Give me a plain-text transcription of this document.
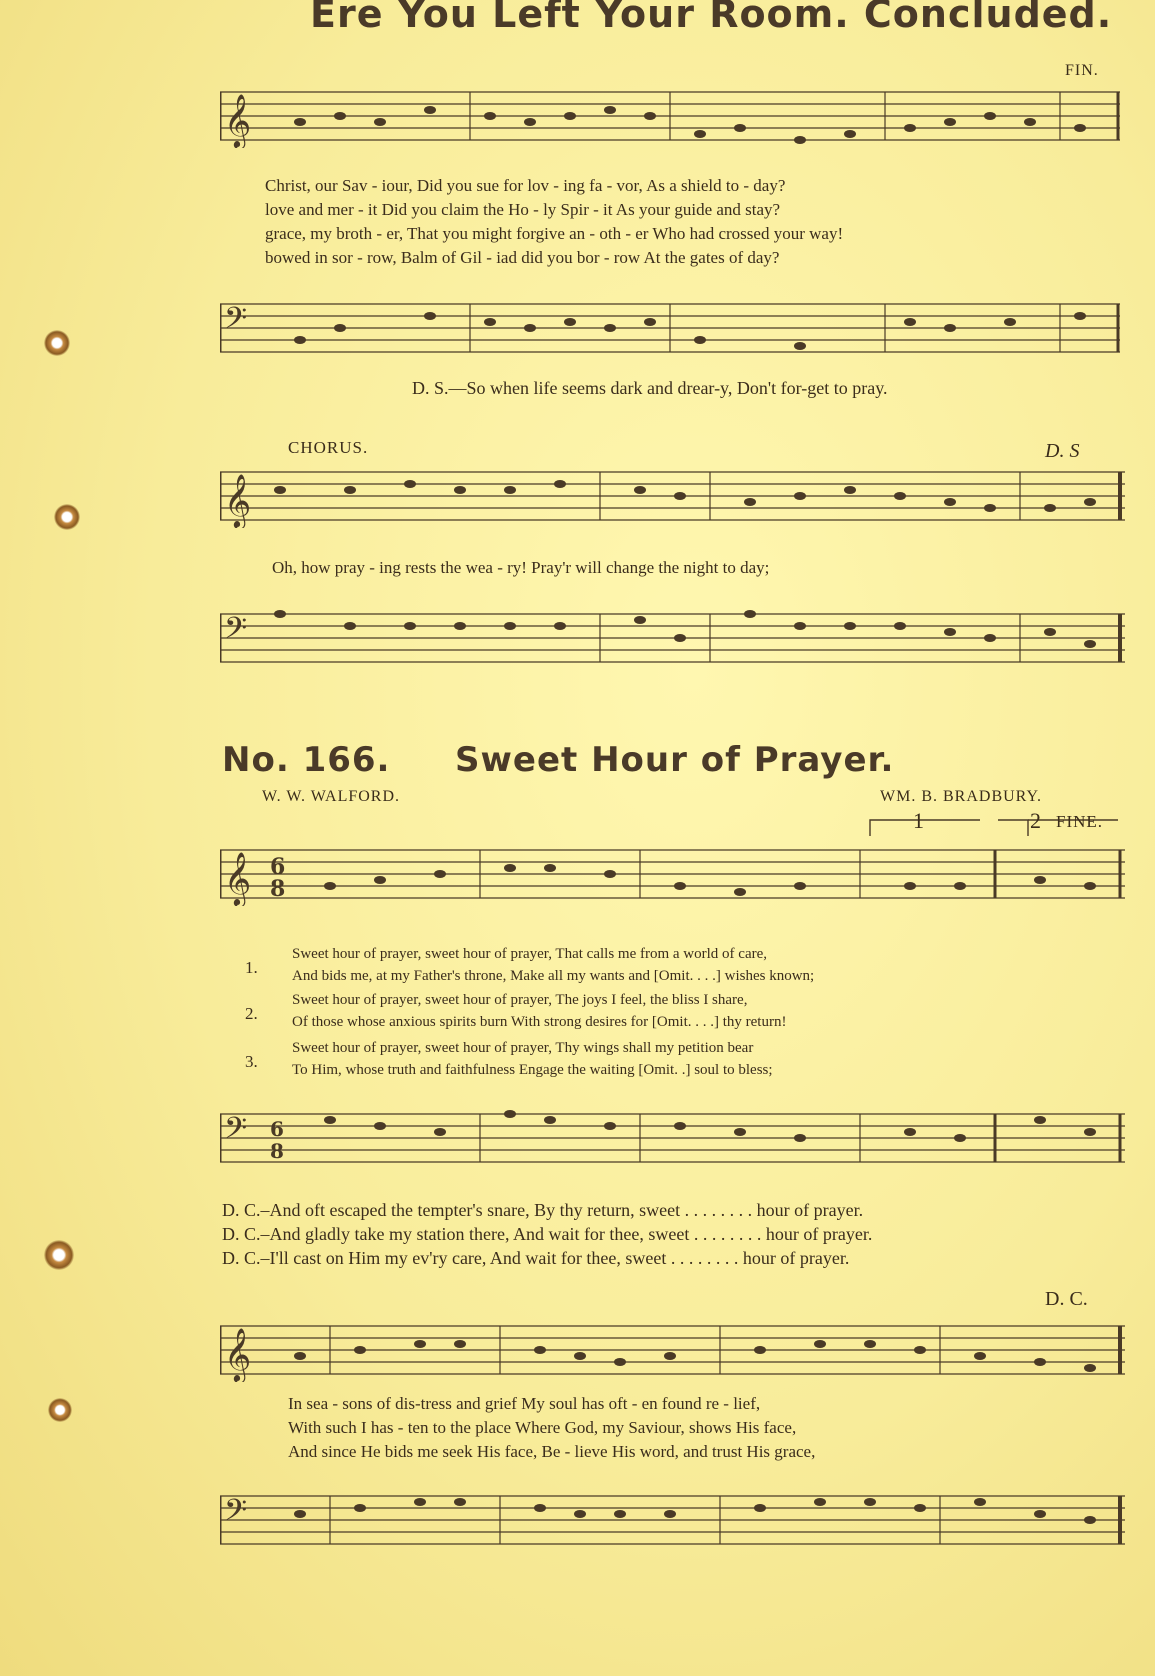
Ere You Left Your Room. Concluded.
FIN.
𝄞
Christ, our Sav - iour, Did you sue for lov - ing fa - vor, As a shield to - day?
love and mer - it Did you claim the Ho - ly Spir - it As your guide and stay?
grace, my broth - er, That you might forgive an - oth - er Who had crossed your way!
bowed in sor - row, Balm of Gil - iad did you bor - row At the gates of day?
𝄢
D. S.—So when life seems dark and drear-y, Don't for-get to pray.
CHORUS.	D. S
𝄞
Oh, how pray - ing rests the wea - ry! Pray'r will change the night to day;
𝄢
No. 166. Sweet Hour of Prayer.
W. W. WALFORD.	WM. B. BRADBURY.
1	2 FINE.
𝄞 6
8
1.
Sweet hour of prayer, sweet hour of prayer, That calls me from a world of care,
And bids me, at my Father's throne, Make all my wants and [Omit. . . .] wishes known;
2.
Sweet hour of prayer, sweet hour of prayer, The joys I feel, the bliss I share,
Of those whose anxious spirits burn With strong desires for [Omit. . . .] thy return!
3.
Sweet hour of prayer, sweet hour of prayer, Thy wings shall my petition bear
To Him, whose truth and faithfulness Engage the waiting [Omit. .] soul to bless;
𝄢 6
8
D. C.–And oft escaped the tempter's snare, By thy return, sweet . . . . . . . . hour of prayer.
D. C.–And gladly take my station there, And wait for thee, sweet . . . . . . . . hour of prayer.
D. C.–I'll cast on Him my ev'ry care, And wait for thee, sweet . . . . . . . . hour of prayer.
D. C.
𝄞
In sea - sons of dis-tress and grief My soul has oft - en found re - lief,
With such I has - ten to the place Where God, my Saviour, shows His face,
And since He bids me seek His face, Be - lieve His word, and trust His grace,
𝄢
